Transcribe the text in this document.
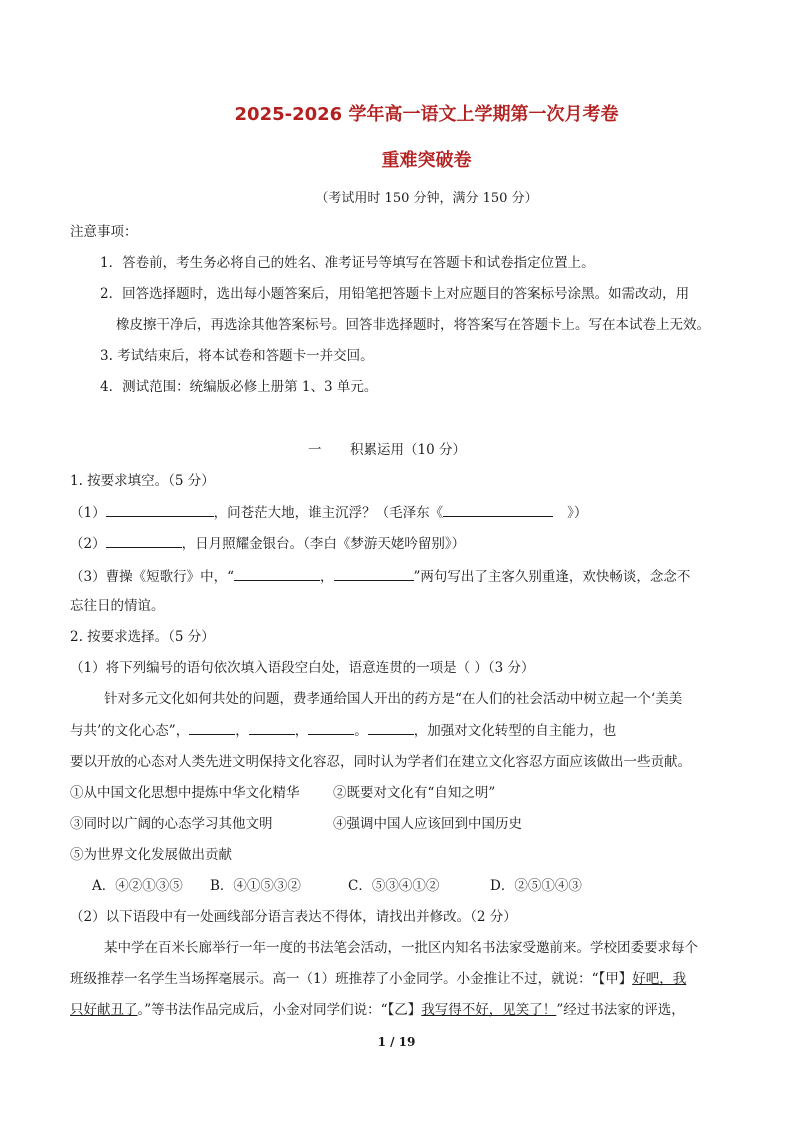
2025-2026 学年高一语文上学期第一次月考卷
重难突破卷
（考试用时 150 分钟，满分 150 分）
注意事项：
1．答卷前，考生务必将自己的姓名、准考证号等填写在答题卡和试卷指定位置上。
2．回答选择题时，选出每小题答案后，用铅笔把答题卡上对应题目的答案标号涂黑。如需改动，用
橡皮擦干净后，再选涂其他答案标号。回答非选择题时，将答案写在答题卡上。写在本试卷上无效。
3. 考试结束后，将本试卷和答题卡一并交回。
4．测试范围：统编版必修上册第 1、3 单元。
一 积累运用（10 分）
1. 按要求填空。（5 分）
（1）	，问苍茫大地，谁主沉浮？（毛泽东《	》）
（2）	，日月照耀金银台。（李白《梦游天姥吟留别》）
（3）曹操《短歌行》中，“	，	”两句写出了主客久别重逢，欢快畅谈，念念不
忘往日的情谊。
2. 按要求选择。（5 分）
（1）将下列编号的语句依次填入语段空白处，语意连贯的一项是（ ）（3 分）
针对多元文化如何共处的问题，费孝通给国人开出的药方是“在人们的社会活动中树立起一个‘美美
与共’的文化心态”，	，	，	。	，加强对文化转型的自主能力，也
要以开放的心态对人类先进文明保持文化容忍，同时认为学者们在建立文化容忍方面应该做出一些贡献。
①从中国文化思想中提炼中华文化精华 ②既要对文化有“自知之明”
③同时以广阔的心态学习其他文明	④强调中国人应该回到中国历史
⑤为世界文化发展做出贡献
A．④②①③⑤ B．④①⑤③②	C．⑤③④①②	D．②⑤①④③
（2）以下语段中有一处画线部分语言表达不得体，请找出并修改。（2 分）
某中学在百米长廊举行一年一度的书法笔会活动，一批区内知名书法家受邀前来。学校团委要求每个
班级推荐一名学生当场挥毫展示。高一（1）班推荐了小金同学。小金推让不过，就说：“【甲】好吧，我
只好献丑了。”等书法作品完成后，小金对同学们说：“【乙】我写得不好，见笑了！”经过书法家的评选，
1 / 19
